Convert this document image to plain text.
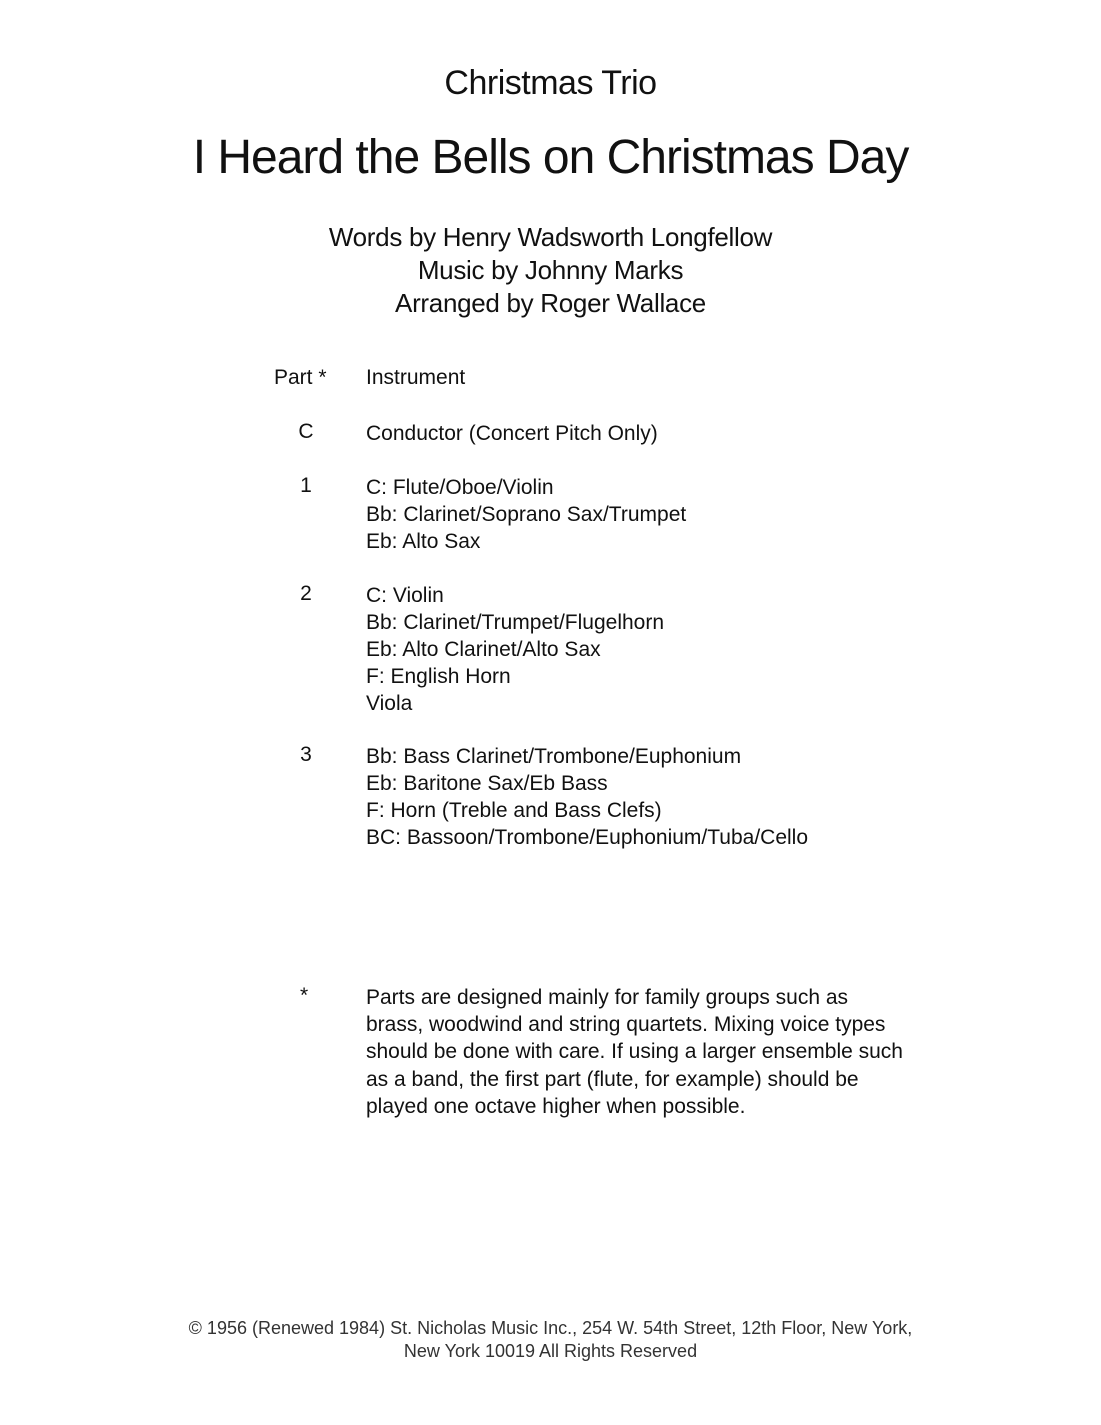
Christmas Trio
I Heard the Bells on Christmas Day
Words by Henry Wadsworth Longfellow
Music by Johnny Marks
Arranged by Roger Wallace
Part * Instrument
C	Conductor (Concert Pitch Only)
1	C: Flute/Oboe/Violin
Bb: Clarinet/Soprano Sax/Trumpet
Eb: Alto Sax
2	C: Violin
Bb: Clarinet/Trumpet/Flugelhorn
Eb: Alto Clarinet/Alto Sax
F: English Horn
Viola
3	Bb: Bass Clarinet/Trombone/Euphonium
Eb: Baritone Sax/Eb Bass
F: Horn (Treble and Bass Clefs)
BC: Bassoon/Trombone/Euphonium/Tuba/Cello
*	Parts are designed mainly for family groups such as brass, woodwind and string quartets. Mixing voice types should be done with care. If using a larger ensemble such as a band, the first part (flute, for example) should be played one octave higher when possible.
© 1956 (Renewed 1984) St. Nicholas Music Inc., 254 W. 54th Street, 12th Floor, New York,
New York 10019 All Rights Reserved
